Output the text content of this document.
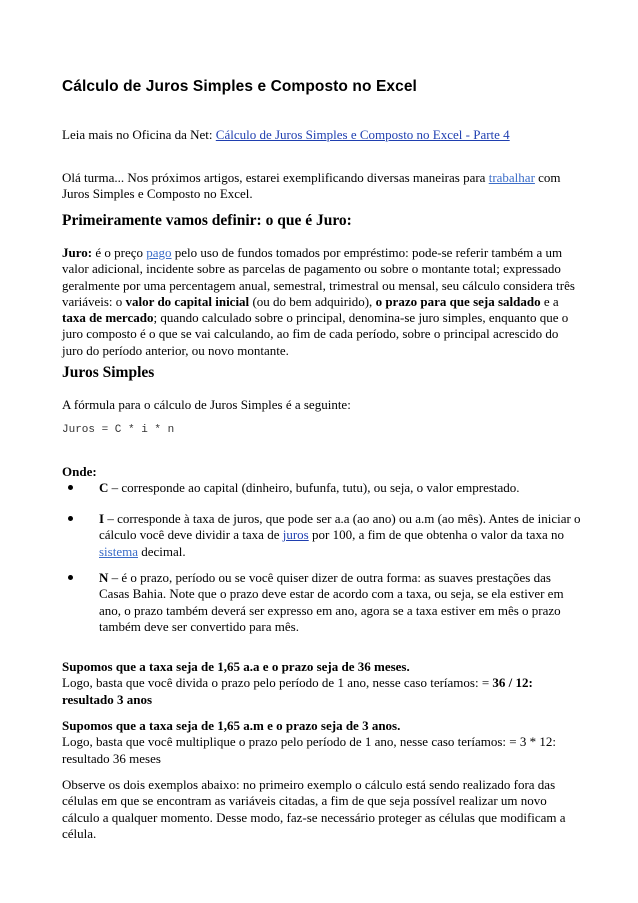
Cálculo de Juros Simples e Composto no Excel

Leia mais no Oficina da Net: Cálculo de Juros Simples e Composto no Excel - Parte 4

Olá turma... Nos próximos artigos, estarei exemplificando diversas maneiras para trabalhar com Juros Simples e Composto no Excel.

Primeiramente vamos definir: o que é Juro:

Juro: é o preço pago pelo uso de fundos tomados por empréstimo: pode-se referir também a um valor adicional, incidente sobre as parcelas de pagamento ou sobre o montante total; expressado geralmente por uma percentagem anual, semestral, trimestral ou mensal, seu cálculo considera três variáveis: o valor do capital inicial (ou do bem adquirido), o prazo para que seja saldado e a taxa de mercado; quando calculado sobre o principal, denomina-se juro simples, enquanto que o juro composto é o que se vai calculando, ao fim de cada período, sobre o principal acrescido do juro do período anterior, ou novo montante.

Juros Simples

A fórmula para o cálculo de Juros Simples é a seguinte:

Juros = C * i * n

Onde:

C – corresponde ao capital (dinheiro, bufunfa, tutu), ou seja, o valor emprestado.

I – corresponde à taxa de juros, que pode ser a.a (ao ano) ou a.m (ao mês). Antes de iniciar o cálculo você deve dividir a taxa de juros por 100, a fim de que obtenha o valor da taxa no sistema decimal.

N – é o prazo, período ou se você quiser dizer de outra forma: as suaves prestações das Casas Bahia. Note que o prazo deve estar de acordo com a taxa, ou seja, se ela estiver em ano, o prazo também deverá ser expresso em ano, agora se a taxa estiver em mês o prazo também deve ser convertido para mês.

Supomos que a taxa seja de 1,65 a.a e o prazo seja de 36 meses.
Logo, basta que você divida o prazo pelo período de 1 ano, nesse caso teríamos: = 36 / 12:
resultado 3 anos

Supomos que a taxa seja de 1,65 a.m e o prazo seja de 3 anos.
Logo, basta que você multiplique o prazo pelo período de 1 ano, nesse caso teríamos: = 3 * 12: resultado 36 meses

Observe os dois exemplos abaixo: no primeiro exemplo o cálculo está sendo realizado fora das células em que se encontram as variáveis citadas, a fim de que seja possível realizar um novo cálculo a qualquer momento. Desse modo, faz-se necessário proteger as células que modificam a célula.
